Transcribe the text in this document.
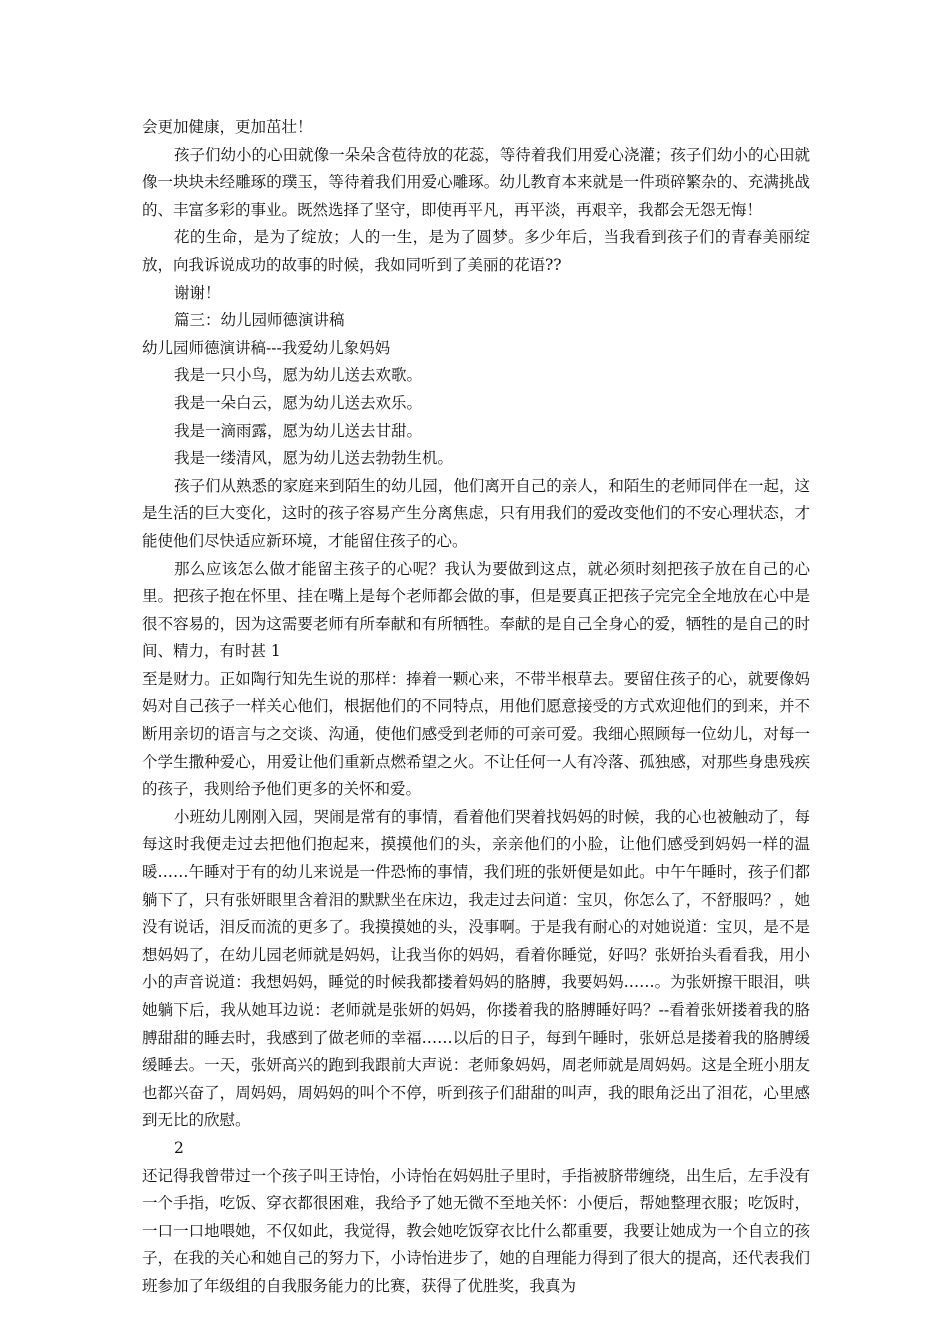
会更加健康，更加茁壮！

孩子们幼小的心田就像一朵朵含苞待放的花蕊，等待着我们用爱心浇灌；孩子们幼小的心田就像一块块未经雕琢的璞玉，等待着我们用爱心雕琢。幼儿教育本来就是一件琐碎繁杂的、充满挑战的、丰富多彩的事业。既然选择了坚守，即使再平凡，再平淡，再艰辛，我都会无怨无悔！

花的生命，是为了绽放；人的一生，是为了圆梦。多少年后，当我看到孩子们的青春美丽绽放，向我诉说成功的故事的时候，我如同听到了美丽的花语??

谢谢！

篇三：幼儿园师德演讲稿

幼儿园师德演讲稿---我爱幼儿象妈妈

我是一只小鸟，愿为幼儿送去欢歌。

我是一朵白云，愿为幼儿送去欢乐。

我是一滴雨露，愿为幼儿送去甘甜。

我是一缕清风，愿为幼儿送去勃勃生机。

孩子们从熟悉的家庭来到陌生的幼儿园，他们离开自己的亲人，和陌生的老师同伴在一起，这是生活的巨大变化，这时的孩子容易产生分离焦虑，只有用我们的爱改变他们的不安心理状态，才能使他们尽快适应新环境，才能留住孩子的心。

那么应该怎么做才能留主孩子的心呢？我认为要做到这点，就必须时刻把孩子放在自己的心里。把孩子抱在怀里、挂在嘴上是每个老师都会做的事，但是要真正把孩子完完全全地放在心中是很不容易的，因为这需要老师有所奉献和有所牺牲。奉献的是自己全身心的爱，牺牲的是自己的时间、精力，有时甚 1

至是财力。正如陶行知先生说的那样：捧着一颗心来，不带半根草去。要留住孩子的心，就要像妈妈对自己孩子一样关心他们，根据他们的不同特点，用他们愿意接受的方式欢迎他们的到来，并不断用亲切的语言与之交谈、沟通，使他们感受到老师的可亲可爱。我细心照顾每一位幼儿，对每一个学生撒种爱心，用爱让他们重新点燃希望之火。不让任何一人有冷落、孤独感，对那些身患残疾的孩子，我则给予他们更多的关怀和爱。

小班幼儿刚刚入园，哭闹是常有的事情，看着他们哭着找妈妈的时候，我的心也被触动了，每每这时我便走过去把他们抱起来，摸摸他们的头，亲亲他们的小脸，让他们感受到妈妈一样的温暖……午睡对于有的幼儿来说是一件恐怖的事情，我们班的张妍便是如此。中午午睡时，孩子们都躺下了，只有张妍眼里含着泪的默默坐在床边，我走过去问道：宝贝，你怎么了，不舒服吗？，她没有说话，泪反而流的更多了。我摸摸她的头，没事啊。于是我有耐心的对她说道：宝贝，是不是想妈妈了，在幼儿园老师就是妈妈，让我当你的妈妈，看着你睡觉，好吗？张妍抬头看看我，用小小的声音说道：我想妈妈，睡觉的时候我都搂着妈妈的胳膊，我要妈妈……。为张妍擦干眼泪，哄她躺下后，我从她耳边说：老师就是张妍的妈妈，你搂着我的胳膊睡好吗？--看着张妍搂着我的胳膊甜甜的睡去时，我感到了做老师的幸福……以后的日子，每到午睡时，张妍总是搂着我的胳膊缓缓睡去。一天，张妍高兴的跑到我跟前大声说：老师象妈妈，周老师就是周妈妈。这是全班小朋友也都兴奋了，周妈妈，周妈妈的叫个不停，听到孩子们甜甜的叫声，我的眼角泛出了泪花，心里感到无比的欣慰。

2

还记得我曾带过一个孩子叫王诗怡，小诗怡在妈妈肚子里时，手指被脐带缠绕，出生后，左手没有一个手指，吃饭、穿衣都很困难，我给予了她无微不至地关怀：小便后，帮她整理衣服；吃饭时，一口一口地喂她，不仅如此，我觉得，教会她吃饭穿衣比什么都重要，我要让她成为一个自立的孩子，在我的关心和她自己的努力下，小诗怡进步了，她的自理能力得到了很大的提高，还代表我们班参加了年级组的自我服务能力的比赛，获得了优胜奖，我真为
